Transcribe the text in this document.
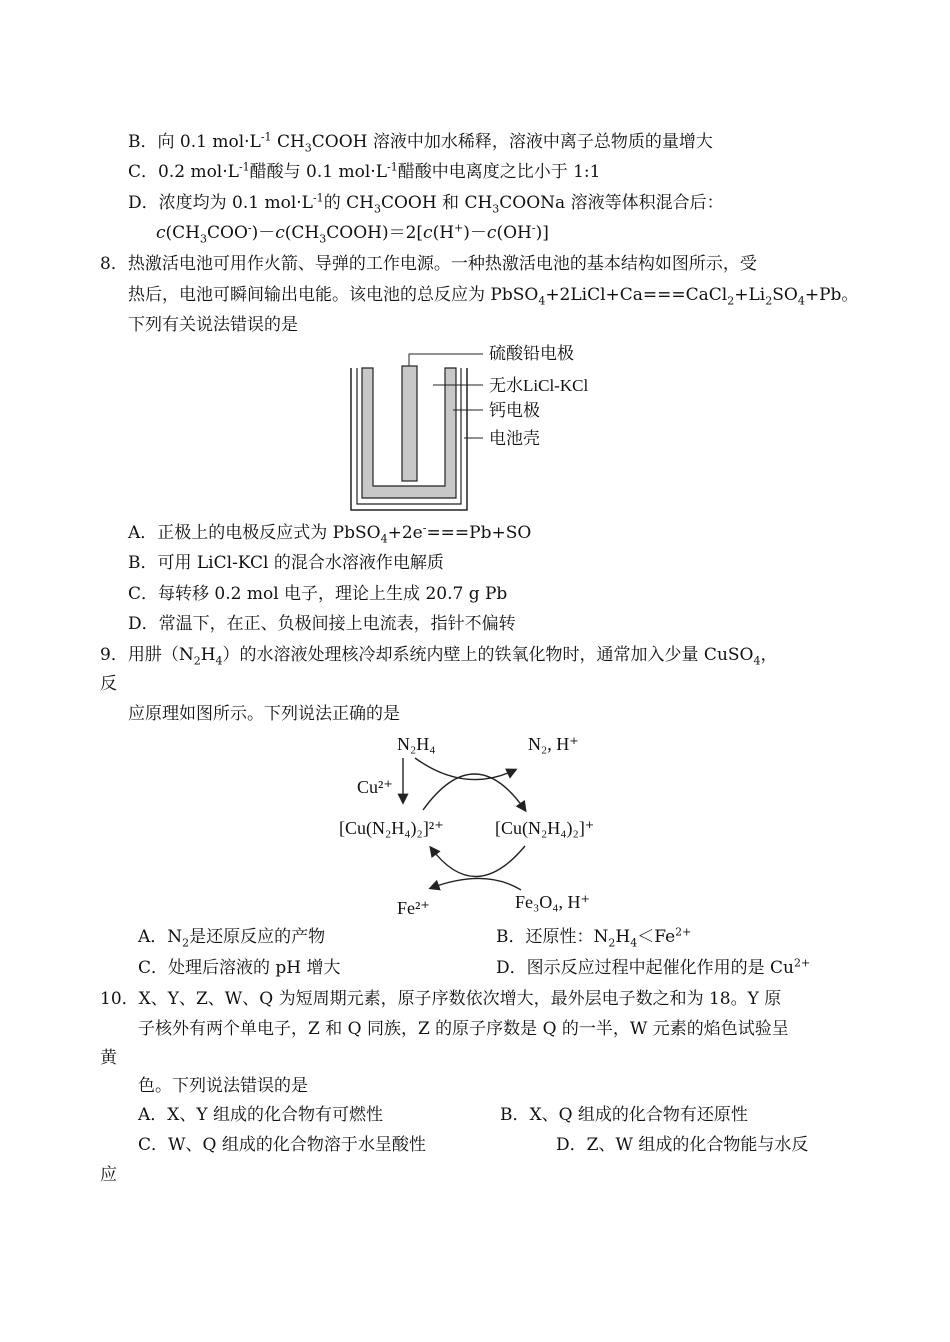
B．向 0.1 $mol\cdot L^{-1}$ $CH_3COOH$ 溶液中加水稀释，溶液中离子总物质的量增大
C．0.2 $mol\cdot L^{-1}$醋酸与 0.1 $mol\cdot L^{-1}$醋酸中电离度之比小于 1:1
D．浓度均为 0.1 $mol\cdot L^{-1}$的 $CH_3COOH$ 和 $CH_3COONa$ 溶液等体积混合后：
$c(CH_3COO^-)-c(CH_3COOH)=2[c(H^+)-c(OH^-)]$
8．热激活电池可用作火箭、导弹的工作电源。一种热激活电池的基本结构如图所示，受
热后，电池可瞬间输出电能。该电池的总反应为 $PbSO_4+2LiCl+Ca===CaCl_2+Li_2SO_4+Pb$。
下列有关说法错误的是
硫酸铅电极
无水LiCl-KCl
钙电极
电池壳
A．正极上的电极反应式为 PbSO$_4$+2e-===Pb+SO
B．可用 LiCl-KCl 的混合水溶液作电解质
C．每转移 0.2 mol 电子，理论上生成 20.7 g Pb
D．常温下，在正、负极间接上电流表，指针不偏转
9．用肼$(N_2H_4)$的水溶液处理核冷却系统内壁上的铁氧化物时，通常加入少量 CuSO$_4$，
反
应原理如图所示。下列说法正确的是
N₂H₄	N₂, H⁺
Cu²⁺
[Cu(N₂H₄)₂]²⁺	[Cu(N₂H₄)₂]⁺
Fe²⁺	Fe₃O₄, H⁺
A．$N_2$是还原反应的产物	B．还原性：$N_2H_4<Fe^{2+}$
C．处理后溶液的 pH 增大	D．图示反应过程中起催化作用的是 $Cu^{2+}$
10．X、Y、Z、W、Q 为短周期元素，原子序数依次增大，最外层电子数之和为 18。Y 原
子核外有两个单电子，Z 和 Q 同族，Z 的原子序数是 Q 的一半，W 元素的焰色试验呈
黄
色。下列说法错误的是
A．X、Y 组成的化合物有可燃性	B．X、Q 组成的化合物有还原性
C．W、Q 组成的化合物溶于水呈酸性	D．Z、W 组成的化合物能与水反
应
